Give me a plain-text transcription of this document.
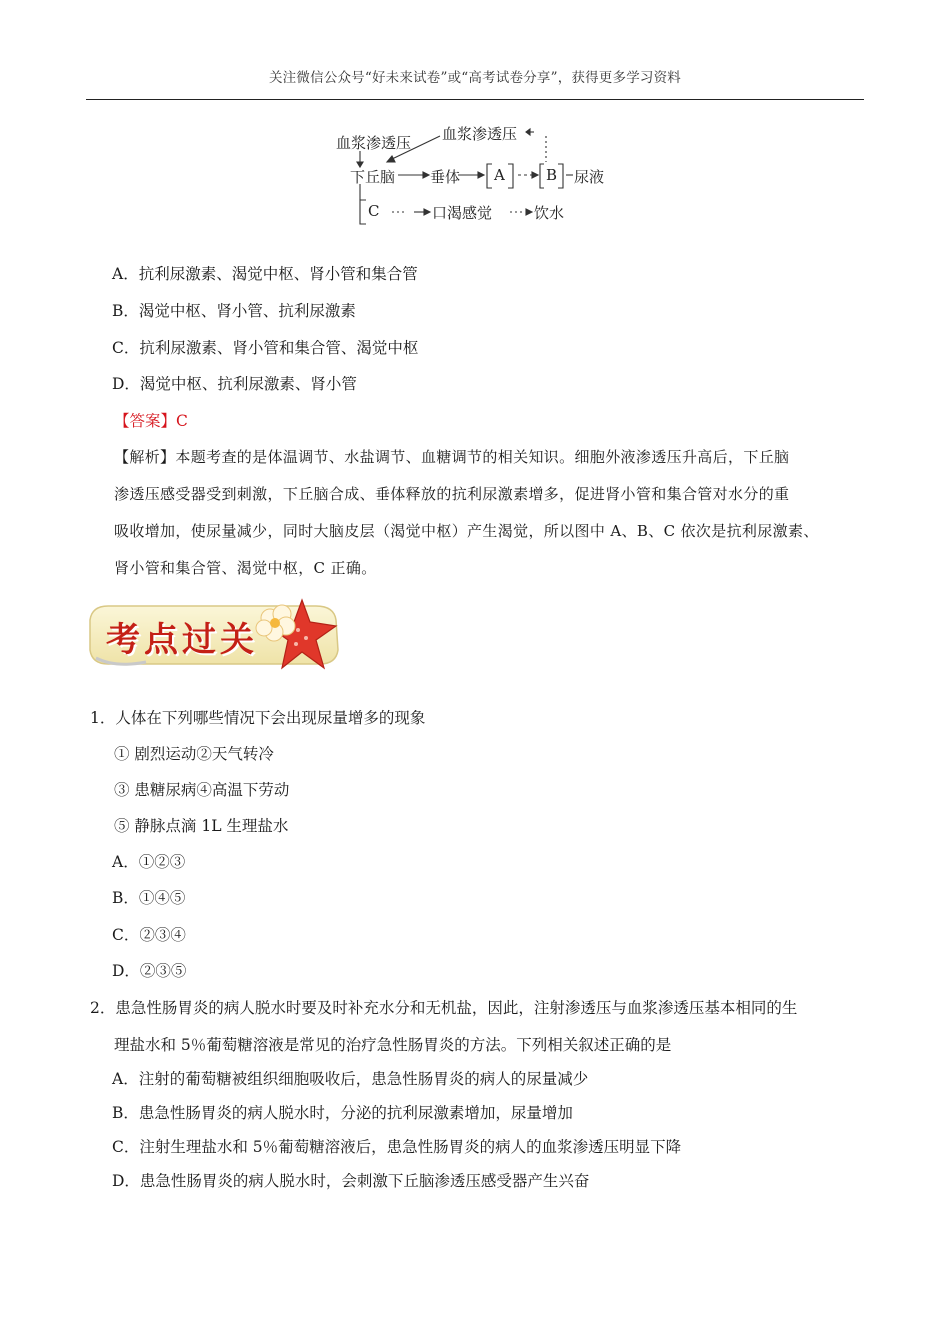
关注微信公众号“好未来试卷”或“高考试卷分享”，获得更多学习资料
血浆渗透压 血浆渗透压
下丘脑 垂体 A	B 尿液
C	口渴感觉	饮水
A．抗利尿激素、渴觉中枢、肾小管和集合管
B．渴觉中枢、肾小管、抗利尿激素
C．抗利尿激素、肾小管和集合管、渴觉中枢
D．渴觉中枢、抗利尿激素、肾小管
【答案】C
【解析】本题考查的是体温调节、水盐调节、血糖调节的相关知识。细胞外液渗透压升高后，下丘脑
渗透压感受器受到刺激，下丘脑合成、垂体释放的抗利尿激素增多，促进肾小管和集合管对水分的重
吸收增加，使尿量减少，同时大脑皮层（渴觉中枢）产生渴觉，所以图中 A、B、C 依次是抗利尿激素、
肾小管和集合管、渴觉中枢，C 正确。
考点过关
1．人体在下列哪些情况下会出现尿量增多的现象
① 剧烈运动②天气转冷
③ 患糖尿病④高温下劳动
⑤ 静脉点滴 1L 生理盐水
A．①②③
B．①④⑤
C．②③④
D．②③⑤
2．患急性肠胃炎的病人脱水时要及时补充水分和无机盐，因此，注射渗透压与血浆渗透压基本相同的生
理盐水和 5％葡萄糖溶液是常见的治疗急性肠胃炎的方法。下列相关叙述正确的是
A．注射的葡萄糖被组织细胞吸收后，患急性肠胃炎的病人的尿量减少
B．患急性肠胃炎的病人脱水时，分泌的抗利尿激素增加，尿量增加
C．注射生理盐水和 5％葡萄糖溶液后，患急性肠胃炎的病人的血浆渗透压明显下降
D．患急性肠胃炎的病人脱水时，会刺激下丘脑渗透压感受器产生兴奋
